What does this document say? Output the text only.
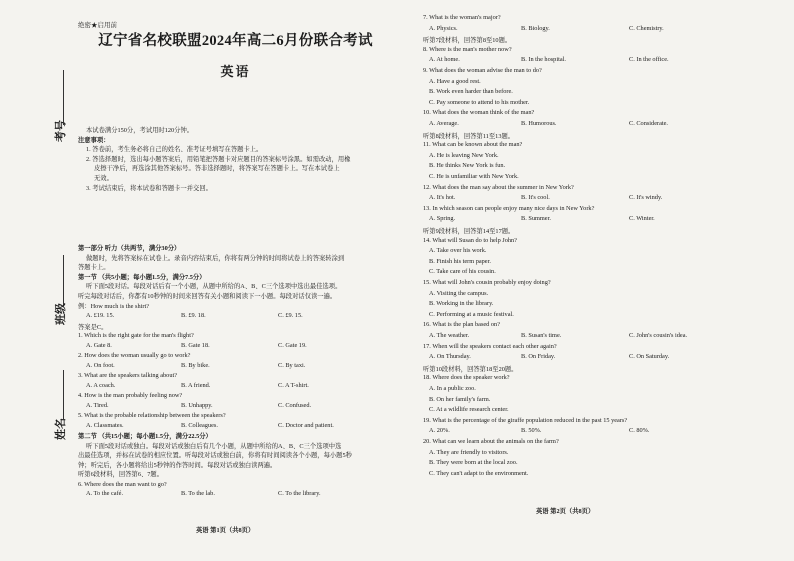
考号
班级
姓名
绝密★启用前
辽宁省名校联盟2024年高二6月份联合考试
英语
本试卷满分150分，考试用时120分钟。
注意事项：
1. 答卷前，考生务必将自己的姓名、准考证号填写在答题卡上。
2. 答选择题时，选出每小题答案后，用铅笔把答题卡对应题目的答案标号涂黑。如需改动，用橡
皮擦干净后，再选涂其他答案标号。答非选择题时，将答案写在答题卡上。写在本试卷上
无效。
3. 考试结束后，将本试卷和答题卡一并交回。
第一部分 听力（共两节，满分30分）
做题时，先将答案标在试卷上。录音内容结束后，你将有两分钟的时间将试卷上的答案转涂到
答题卡上。
第一节 （共5小题；每小题1.5分，满分7.5分）
听下面5段对话。每段对话后有一个小题，从题中所给的A、B、C三个选项中选出最佳选项。
听完每段对话后，你都有10秒钟的时间来回答有关小题和阅读下一小题。每段对话仅读一遍。
例：How much is the shirt?
A. £19. 15.	B. £9. 18.	C. £9. 15.
答案是C。
1. Which is the right gate for the man's flight?
A. Gate 8.	B. Gate 18.	C. Gate 19.
2. How does the woman usually go to work?
A. On foot.	B. By bike.	C. By taxi.
3. What are the speakers talking about?
A. A coach.	B. A friend.	C. A T-shirt.
4. How is the man probably feeling now?
A. Tired.	B. Unhappy.	C. Confused.
5. What is the probable relationship between the speakers?
A. Classmates.	B. Colleagues.	C. Doctor and patient.
第二节 （共15小题；每小题1.5分，满分22.5分）
听下面5段对话或独白。每段对话或独白后有几个小题，从题中所给的A、B、C三个选项中选
出最佳选项，并标在试卷的相应位置。听每段对话或独白前，你将有时间阅读各个小题，每小题5秒
钟；听完后，各小题将给出5秒钟的作答时间。每段对话或独白读两遍。
听第6段材料，回答第6、7题。
6. Where does the man want to go?
A. To the café.	B. To the lab.	C. To the library.
英语 第1页（共8页）
英语 第2页（共8页）
7. What is the woman's major?
A. Physics.	B. Biology.	C. Chemistry.
听第7段材料，回答第8至10题。
8. Where is the man's mother now?
A. At home.	B. In the hospital.	C. In the office.
9. What does the woman advise the man to do?
A. Have a good rest.
B. Work even harder than before.
C. Pay someone to attend to his mother.
10. What does the woman think of the man?
A. Average.	B. Humorous.	C. Considerate.
听第8段材料，回答第11至13题。
11. What can be known about the man?
A. He is leaving New York.
B. He thinks New York is fun.
C. He is unfamiliar with New York.
12. What does the man say about the summer in New York?
A. It's hot.	B. It's cool.	C. It's windy.
13. In which season can people enjoy many nice days in New York?
A. Spring.	B. Summer.	C. Winter.
听第9段材料，回答第14至17题。
14. What will Susan do to help John?
A. Take over his work.
B. Finish his term paper.
C. Take care of his cousin.
15. What will John's cousin probably enjoy doing?
A. Visiting the campus.
B. Working in the library.
C. Performing at a music festival.
16. What is the plan based on?
A. The weather.	B. Susan's time.	C. John's cousin's idea.
17. When will the speakers contact each other again?
A. On Thursday.	B. On Friday.	C. On Saturday.
听第10段材料，回答第18至20题。
18. Where does the speaker work?
A. In a public zoo.
B. On her family's farm.
C. At a wildlife research center.
19. What is the percentage of the giraffe population reduced in the past 15 years?
A. 20%.	B. 50%.	C. 80%.
20. What can we learn about the animals on the farm?
A. They are friendly to visitors.
B. They were born at the local zoo.
C. They can't adapt to the environment.
